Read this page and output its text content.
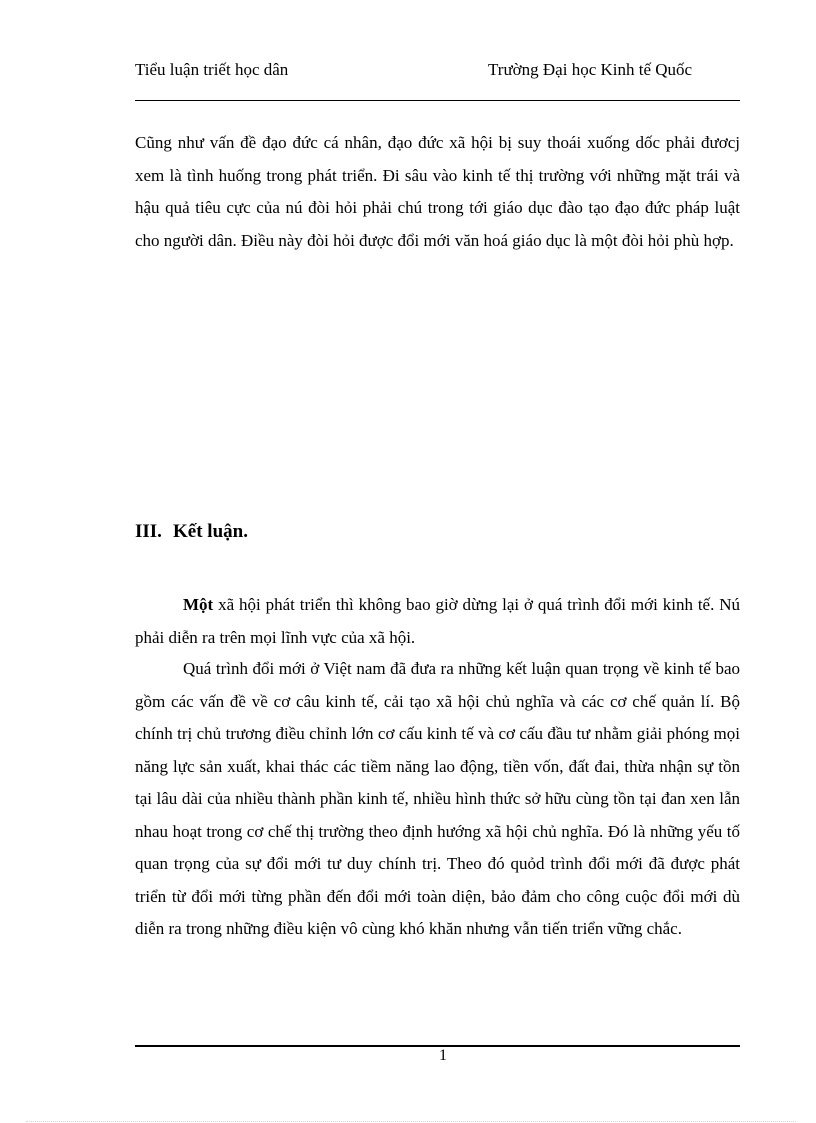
Tiểu luận triết học dân	Trường Đại học Kinh tế Quốc

Cũng như vấn đề đạo đức cá nhân, đạo đức xã hội bị suy thoái xuống dốc phải đươcj xem là tình huống trong phát triển. Đi sâu vào kinh tế thị trường với những mặt trái và hậu quả tiêu cực của nú đòi hỏi phải chú trong tới giáo dục đào tạo đạo đức pháp luật cho người dân. Điều này đòi hỏi được đổi mới văn hoá giáo dục là một đòi hỏi phù hợp.

III. Kết luận.

Một xã hội phát triển thì không bao giờ dừng lại ở quá trình đổi mới kinh tế. Nú phải diễn ra trên mọi lĩnh vực của xã hội.

Quá trình đổi mới ở Việt nam đã đưa ra những kết luận quan trọng về kinh tế bao gồm các vấn đề về cơ câu kinh tế, cải tạo xã hội chủ nghĩa và các cơ chế quản lí. Bộ chính trị chủ trương điều chỉnh lớn cơ cấu kinh tế và cơ cấu đầu tư nhằm giải phóng mọi năng lực sản xuất, khai thác các tiềm năng lao động, tiền vốn, đất đai, thừa nhận sự tồn tại lâu dài của nhiều thành phần kinh tế, nhiều hình thức sở hữu cùng tồn tại đan xen lẫn nhau hoạt trong cơ chế thị trường theo định hướng xã hội chủ nghĩa. Đó là những yếu tố quan trọng của sự đổi mới tư duy chính trị. Theo đó quỏd trình đổi mới đã được phát triển từ đổi mới từng phần đến đổi mới toàn diện, bảo đảm cho công cuộc đổi mới dù diễn ra trong những điều kiện vô cùng khó khăn nhưng vẫn tiến triển vững chắc.

1
